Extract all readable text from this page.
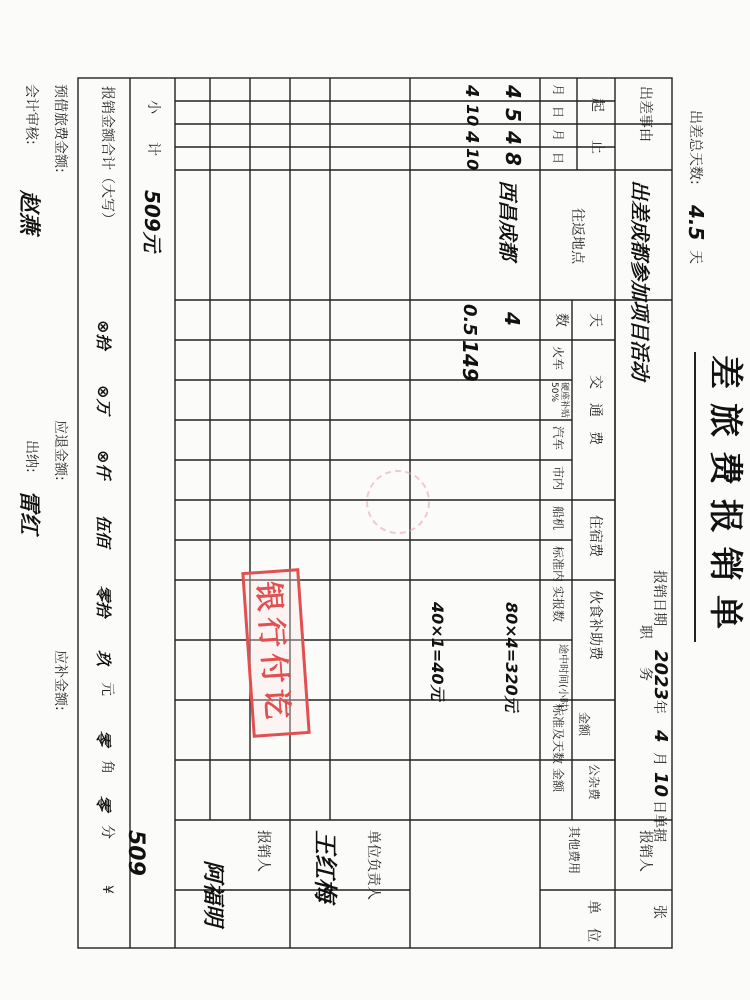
差旅费报销单
报销日期
2023
年
4
月
10
日单据
张
出差总天数:
4.5
天
出差事由
出差成都参加项目活动
职　　务
报销人
起
止
月
日
月
日
往返地点
天
数
交　通　费
火车
硬座补贴50%
汽车
市内
船机 住宿费
标准内
实报数
途中时间(小时)
伙食补助费
标准及天数 金额
金额 公杂费
其他费用
单　位
单位负责人
报销人
4
5
4
8
西昌成都
4
80×4=320元
4
10
4
10
0.5
149
40×1=40元
小　　计
509元
报销金额合计（大写）
⊗拾
⊗万
⊗仟
伍佰
零拾
玖
元
零
角
零
分
¥
509
预借旅费金额:
应退金额:
应补金额:
会计审核:
赵燕
出纳:
雷红
王红梅
阿福明
银行付讫
